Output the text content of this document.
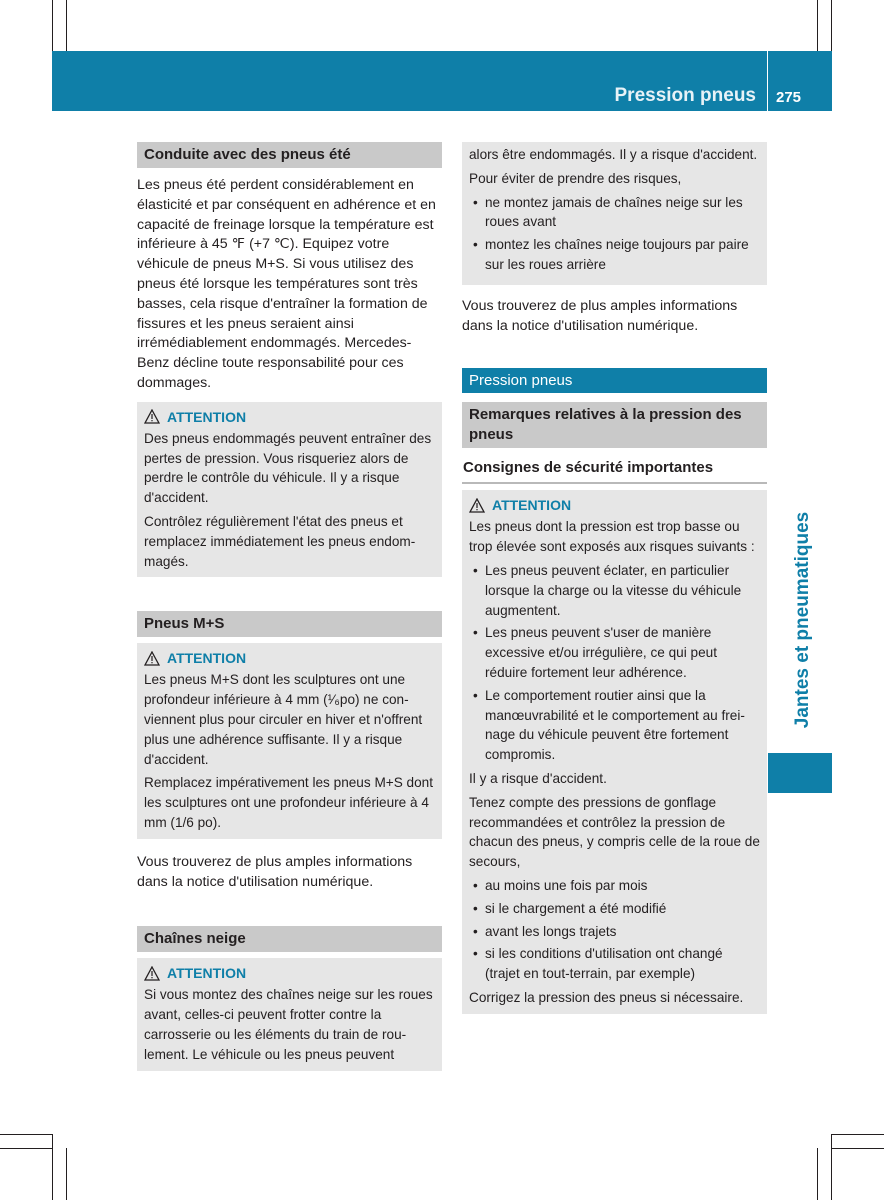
Pression pneus 275
Conduite avec des pneus été

Les pneus été perdent considérablement en élasticité et par conséquent en adhérence et en capacité de freinage lorsque la température est inférieure à 45 ℉ (+7 ℃). Equipez votre véhicule de pneus M+S. Si vous utilisez des pneus été lorsque les températures sont très basses, cela risque d'entraîner la formation de fissures et les pneus seraient ainsi irrémédiablement endommagés. Mercedes-Benz décline toute responsabilité pour ces dommages.

ATTENTION

Des pneus endommagés peuvent entraîner des pertes de pression. Vous risqueriez alors de perdre le contrôle du véhicule. Il y a risque d'accident.

Contrôlez régulièrement l'état des pneus et remplacez immédiatement les pneus endommagés.

Pneus M+S
ATTENTION

Les pneus M+S dont les sculptures ont une profondeur inférieure à 4 mm (¹⁄₆po) ne conviennent plus pour circuler en hiver et n'offrent plus une adhérence suffisante. Il y a risque d'accident.

Remplacez impérativement les pneus M+S dont les sculptures ont une profondeur inférieure à 4 mm (1/6 po).

Vous trouverez de plus amples informations dans la notice d'utilisation numérique.

Chaînes neige
ATTENTION

Si vous montez des chaînes neige sur les roues avant, celles-ci peuvent frotter contre la carrosserie ou les éléments du train de roulement. Le véhicule ou les pneus peuvent

alors être endommagés. Il y a risque d'accident.

Pour éviter de prendre des risques,

• ne montez jamais de chaînes neige sur les roues avant
• montez les chaînes neige toujours par paire sur les roues arrière

Vous trouverez de plus amples informations dans la notice d'utilisation numérique.

Pression pneus
Remarques relatives à la pression des pneus
Consignes de sécurité importantes
ATTENTION

Les pneus dont la pression est trop basse ou trop élevée sont exposés aux risques suivants :

• Les pneus peuvent éclater, en particulier lorsque la charge ou la vitesse du véhicule augmentent.
• Les pneus peuvent s'user de manière excessive et/ou irrégulière, ce qui peut réduire fortement leur adhérence.
• Le comportement routier ainsi que la manœuvrabilité et le comportement au freinage du véhicule peuvent être fortement compromis.

Il y a risque d'accident.

Tenez compte des pressions de gonflage recommandées et contrôlez la pression de chacun des pneus, y compris celle de la roue de secours,

• au moins une fois par mois
• si le chargement a été modifié
• avant les longs trajets
• si les conditions d'utilisation ont changé (trajet en tout-terrain, par exemple)

Corrigez la pression des pneus si nécessaire.

Jantes et pneumatiques
